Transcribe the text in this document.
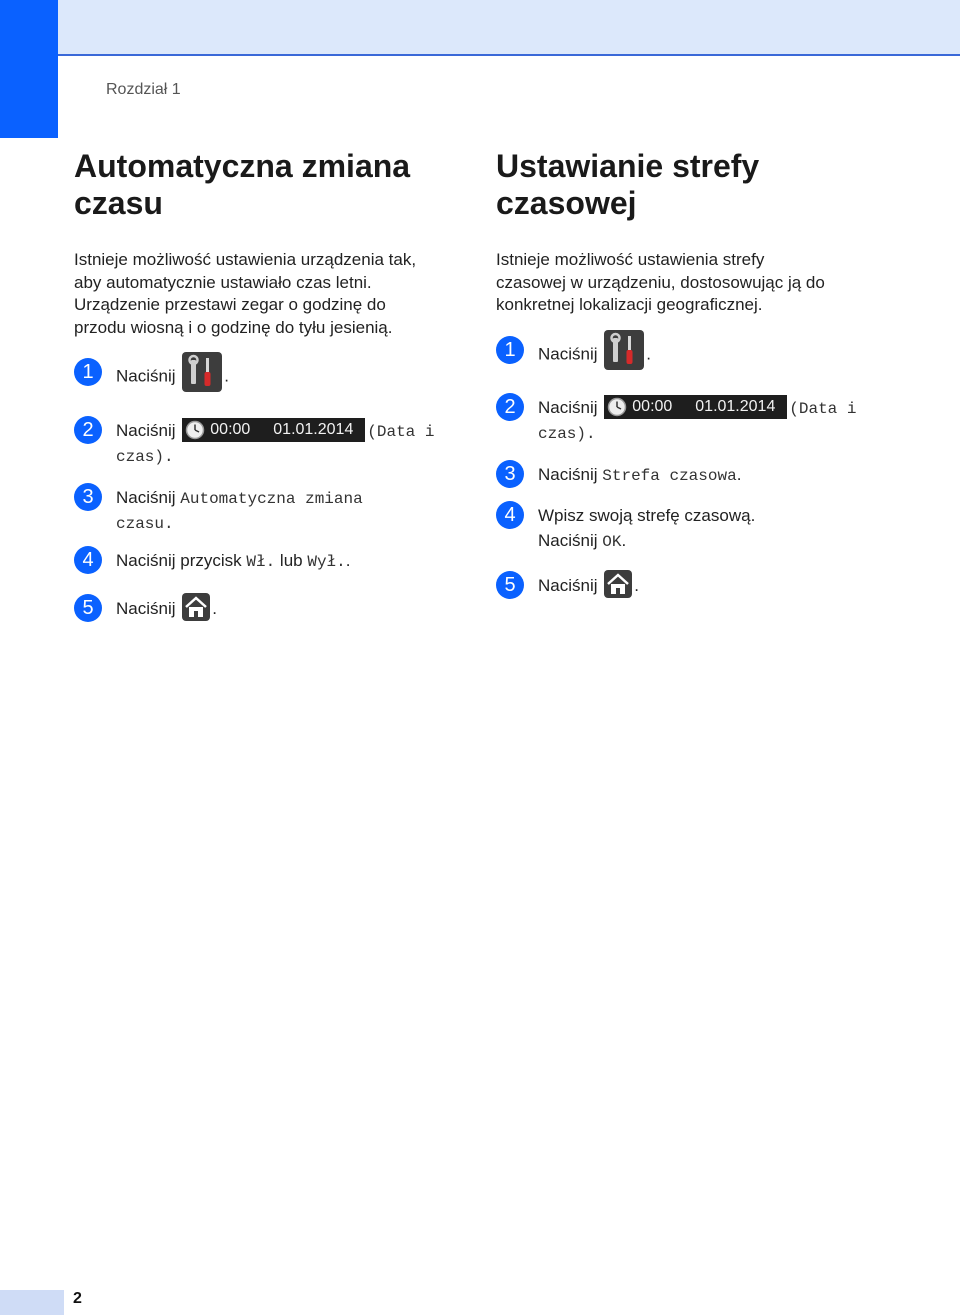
Rozdział 1
Automatyczna zmiana
czasu
Istnieje możliwość ustawienia urządzenia tak,
aby automatycznie ustawiało czas letni.
Urządzenie przestawi zegar o godzinę do
przodu wiosną i o godzinę do tyłu jesienią.
1	Naciśnij	.
2	Naciśnij 00:00 01.01.2014 (Data i
czas).
3	Naciśnij Automatyczna zmiana
czasu.
4	Naciśnij przycisk Wł. lub Wył..
5	Naciśnij .
Ustawianie strefy
czasowej
Istnieje możliwość ustawienia strefy
czasowej w urządzeniu, dostosowując ją do
konkretnej lokalizacji geograficznej.
1	Naciśnij	.
2	Naciśnij 00:00 01.01.2014 (Data i
czas).
3	Naciśnij Strefa czasowa.
4	Wpisz swoją strefę czasową.
Naciśnij OK.
5	Naciśnij .
2
